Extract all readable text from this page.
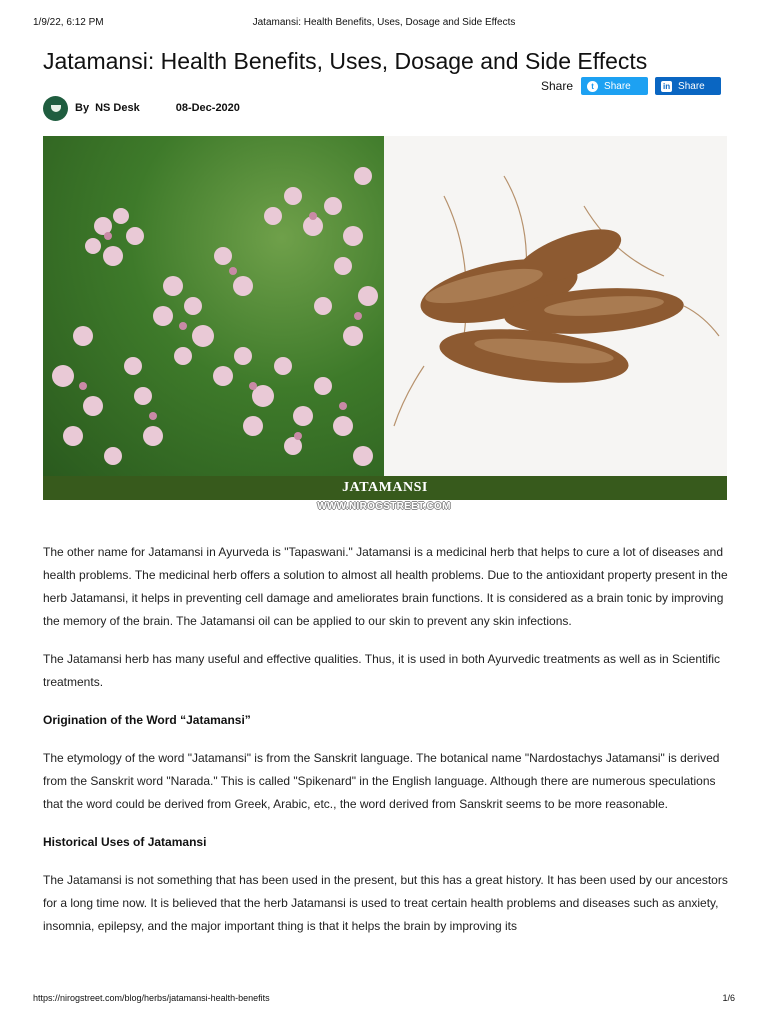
1/9/22, 6:12 PM	Jatamansi: Health Benefits, Uses, Dosage and Side Effects
Jatamansi: Health Benefits, Uses, Dosage and Side Effects
Share	t	Share	in Share
By NS Desk	08-Dec-2020
JATAMANSI
WWW.NIROGSTREET.COM

The other name for Jatamansi in Ayurveda is "Tapaswani." Jatamansi is a medicinal herb that helps to cure a lot of diseases and health problems. The medicinal herb offers a solution to almost all health problems. Due to the antioxidant property present in the herb Jatamansi, it helps in preventing cell damage and ameliorates brain functions. It is considered as a brain tonic by improving the memory of the brain. The Jatamansi oil can be applied to our skin to prevent any skin infections.

The Jatamansi herb has many useful and effective qualities. Thus, it is used in both Ayurvedic treatments as well as in Scientific treatments.

Origination of the Word “Jatamansi”

The etymology of the word "Jatamansi" is from the Sanskrit language. The botanical name "Nardostachys Jatamansi" is derived from the Sanskrit word "Narada." This is called "Spikenard" in the English language. Although there are numerous speculations that the word could be derived from Greek, Arabic, etc., the word derived from Sanskrit seems to be more reasonable.

Historical Uses of Jatamansi

The Jatamansi is not something that has been used in the present, but this has a great history. It has been used by our ancestors for a long time now. It is believed that the herb Jatamansi is used to treat certain health problems and diseases such as anxiety, insomnia, epilepsy, and the major important thing is that it helps the brain by improving its

https://nirogstreet.com/blog/herbs/jatamansi-health-benefits	1/6
